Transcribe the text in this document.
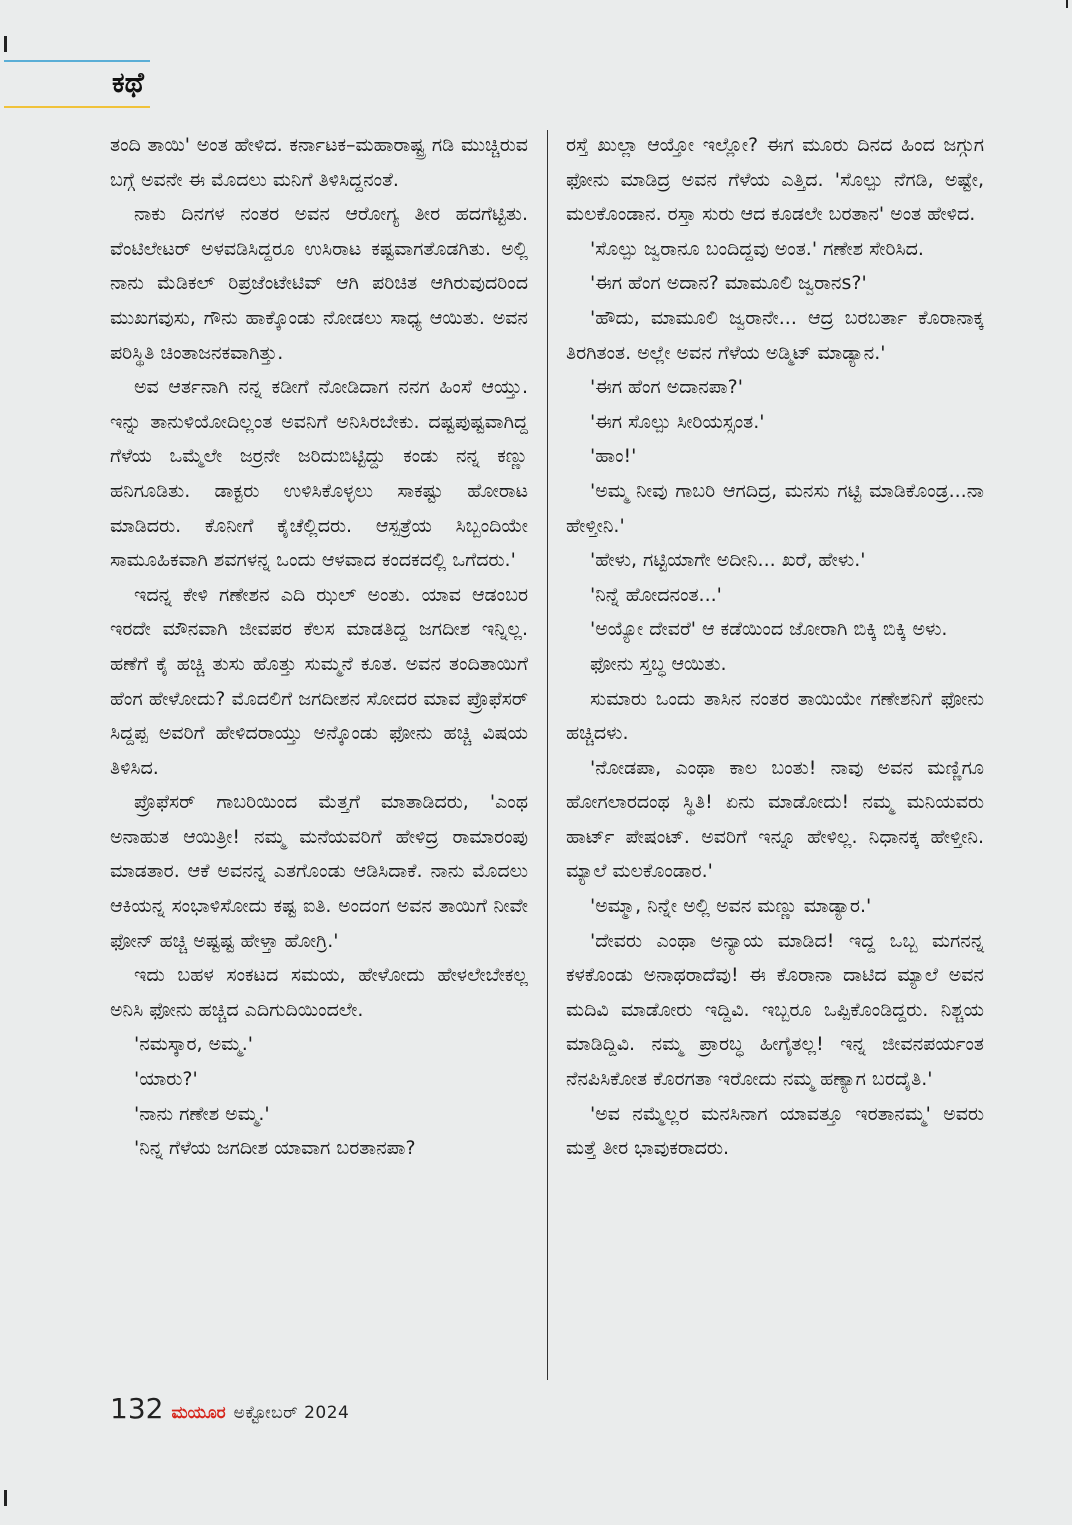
ಕಥೆ

ತಂದಿ ತಾಯಿ' ಅಂತ ಹೇಳಿದ. ಕರ್ನಾಟಕ–ಮಹಾರಾಷ್ಟ್ರ ಗಡಿ ಮುಚ್ಚಿರುವ ಬಗ್ಗೆ ಅವನೇ ಈ ಮೊದಲು ಮನಿಗೆ ತಿಳಿಸಿದ್ದನಂತೆ.

ನಾಕು ದಿನಗಳ ನಂತರ ಅವನ ಆರೋಗ್ಯ ತೀರ ಹದಗೆಟ್ಟಿತು. ವೆಂಟಿಲೇಟರ್ ಅಳವಡಿಸಿದ್ದರೂ ಉಸಿರಾಟ ಕಷ್ಟವಾಗತೊಡಗಿತು. ಅಲ್ಲಿ ನಾನು ಮೆಡಿಕಲ್ ರಿಪ್ರಜೆಂಟೇಟಿವ್ ಆಗಿ ಪರಿಚಿತ ಆಗಿರುವುದರಿಂದ ಮುಖಗವುಸು, ಗೌನು ಹಾಕ್ಕೊಂಡು ನೋಡಲು ಸಾಧ್ಯ ಆಯಿತು. ಅವನ ಪರಿಸ್ಥಿತಿ ಚಿಂತಾಜನಕವಾಗಿತ್ತು.

ಅವ ಆರ್ತನಾಗಿ ನನ್ನ ಕಡೀಗೆ ನೋಡಿದಾಗ ನನಗ ಹಿಂಸೆ ಆಯ್ತು. ಇನ್ನು ತಾನುಳಿಯೋದಿಲ್ಲಂತ ಅವನಿಗೆ ಅನಿಸಿರಬೇಕು. ದಷ್ಟಪುಷ್ಟವಾಗಿದ್ದ ಗೆಳೆಯ ಒಮ್ಮೆಲೇ ಜರ್ರನೇ ಜರಿದುಬಿಟ್ಟಿದ್ದು ಕಂಡು ನನ್ನ ಕಣ್ಣು ಹನಿಗೂಡಿತು. ಡಾಕ್ಟರು ಉಳಿಸಿಕೊಳ್ಳಲು ಸಾಕಷ್ಟು ಹೋರಾಟ ಮಾಡಿದರು. ಕೊನೀಗೆ ಕೈಚೆಲ್ಲಿದರು. ಆಸ್ಪತ್ರೆಯ ಸಿಬ್ಬಂದಿಯೇ ಸಾಮೂಹಿಕವಾಗಿ ಶವಗಳನ್ನ ಒಂದು ಆಳವಾದ ಕಂದಕದಲ್ಲಿ ಒಗೆದರು.'

ಇದನ್ನ ಕೇಳಿ ಗಣೇಶನ ಎದಿ ಝಲ್ ಅಂತು. ಯಾವ ಆಡಂಬರ ಇರದೇ ಮೌನವಾಗಿ ಜೀವಪರ ಕೆಲಸ ಮಾಡತಿದ್ದ ಜಗದೀಶ ಇನ್ನಿಲ್ಲ. ಹಣೆಗೆ ಕೈ ಹಚ್ಚಿ ತುಸು ಹೊತ್ತು ಸುಮ್ಮನೆ ಕೂತ. ಅವನ ತಂದಿತಾಯಿಗೆ ಹೆಂಗ ಹೇಳೋದು? ಮೊದಲಿಗೆ ಜಗದೀಶನ ಸೋದರ ಮಾವ ಪ್ರೊಫೆಸರ್ ಸಿದ್ದಪ್ಪ ಅವರಿಗೆ ಹೇಳಿದರಾಯ್ತು ಅನ್ಕೊಂಡು ಫೋನು ಹಚ್ಚಿ ವಿಷಯ ತಿಳಿಸಿದ.

ಪ್ರೊಫೆಸರ್ ಗಾಬರಿಯಿಂದ ಮೆತ್ತಗೆ ಮಾತಾಡಿದರು, 'ಎಂಥ ಅನಾಹುತ ಆಯಿತ್ರೀ! ನಮ್ಮ ಮನೆಯವರಿಗೆ ಹೇಳಿದ್ರ ರಾಮಾರಂಪು ಮಾಡತಾರ. ಆಕೆ ಅವನನ್ನ ಎತಗೊಂಡು ಆಡಿಸಿದಾಕೆ. ನಾನು ಮೊದಲು ಆಕಿಯನ್ನ ಸಂಭಾಳಿಸೋದು ಕಷ್ಟ ಐತಿ. ಅಂದಂಗ ಅವನ ತಾಯಿಗೆ ನೀವೇ ಫೋನ್ ಹಚ್ಚಿ ಅಷ್ಟಷ್ಟ ಹೇಳ್ತಾ ಹೋಗ್ರಿ.'

ಇದು ಬಹಳ ಸಂಕಟದ ಸಮಯ, ಹೇಳೋದು ಹೇಳಲೇಬೇಕಲ್ಲ ಅನಿಸಿ ಫೋನು ಹಚ್ಚಿದ ಎದಿಗುದಿಯಿಂದಲೇ.

'ನಮಸ್ಕಾರ, ಅಮ್ಮ.'

'ಯಾರು?'

'ನಾನು ಗಣೇಶ ಅಮ್ಮ.'

'ನಿನ್ನ ಗೆಳೆಯ ಜಗದೀಶ ಯಾವಾಗ ಬರತಾನಪಾ?

ರಸ್ತೆ ಖುಲ್ಲಾ ಆಯ್ತೋ ಇಲ್ಲೋ? ಈಗ ಮೂರು ದಿನದ ಹಿಂದ ಜಗ್ಗುಗ ಫೋನು ಮಾಡಿದ್ರ ಅವನ ಗೆಳೆಯ ಎತ್ತಿದ. 'ಸೊಲ್ಪು ನೆಗಡಿ, ಅಷ್ಟೇ, ಮಲಕೊಂಡಾನ. ರಸ್ತಾ ಸುರು ಆದ ಕೂಡಲೇ ಬರತಾನ' ಅಂತ ಹೇಳಿದ.

'ಸೊಲ್ಪು ಜ್ವರಾನೂ ಬಂದಿದ್ದವು ಅಂತ.' ಗಣೇಶ ಸೇರಿಸಿದ.

'ಈಗ ಹೆಂಗ ಅದಾನ? ಮಾಮೂಲಿ ಜ್ವರಾನs?'

'ಹೌದು, ಮಾಮೂಲಿ ಜ್ವರಾನೇ... ಆದ್ರ ಬರಬರ್ತಾ ಕೊರಾನಾಕ್ಕ ತಿರಗಿತಂತ. ಅಲ್ಲೇ ಅವನ ಗೆಳೆಯ ಅಡ್ಮಿಟ್ ಮಾಡ್ಯಾನ.'

'ಈಗ ಹೆಂಗ ಅದಾನಪಾ?'

'ಈಗ ಸೊಲ್ಪು ಸೀರಿಯಸ್ಸಂತ.'

'ಹಾಂ!'

'ಅಮ್ಮ ನೀವು ಗಾಬರಿ ಆಗದಿದ್ರ, ಮನಸು ಗಟ್ಟಿ ಮಾಡಿಕೊಂಡ್ರ...ನಾ ಹೇಳ್ತೀನಿ.'

'ಹೇಳು, ಗಟ್ಟಿಯಾಗೇ ಅದೀನಿ... ಖರೆ, ಹೇಳು.'

'ನಿನ್ನೆ ಹೋದನಂತ...'

'ಅಯ್ಯೋ ದೇವರೆ' ಆ ಕಡೆಯಿಂದ ಜೋರಾಗಿ ಬಿಕ್ಕಿ ಬಿಕ್ಕಿ ಅಳು.

ಫೋನು ಸ್ತಬ್ಧ ಆಯಿತು.

ಸುಮಾರು ಒಂದು ತಾಸಿನ ನಂತರ ತಾಯಿಯೇ ಗಣೇಶನಿಗೆ ಫೋನು ಹಚ್ಚಿದಳು.

'ನೋಡಪಾ, ಎಂಥಾ ಕಾಲ ಬಂತು! ನಾವು ಅವನ ಮಣ್ಣಿಗೂ ಹೋಗಲಾರದಂಥ ಸ್ಥಿತಿ! ಏನು ಮಾಡೋದು! ನಮ್ಮ ಮನಿಯವರು ಹಾರ್ಟ್ ಪೇಷಂಟ್. ಅವರಿಗೆ ಇನ್ನೂ ಹೇಳಿಲ್ಲ. ನಿಧಾನಕ್ಕ ಹೇಳ್ತೀನಿ. ಮ್ಯಾಲೆ ಮಲಕೊಂಡಾರ.'

'ಅಮ್ಮಾ, ನಿನ್ನೇ ಅಲ್ಲಿ ಅವನ ಮಣ್ಣು ಮಾಡ್ಯಾರ.'

'ದೇವರು ಎಂಥಾ ಅನ್ಯಾಯ ಮಾಡಿದ! ಇದ್ದ ಒಬ್ಬ ಮಗನನ್ನ ಕಳಕೊಂಡು ಅನಾಥರಾದೆವು! ಈ ಕೊರಾನಾ ದಾಟಿದ ಮ್ಯಾಲೆ ಅವನ ಮದಿವಿ ಮಾಡೋರು ಇದ್ದಿವಿ. ಇಬ್ಬರೂ ಒಪ್ಪಿಕೊಂಡಿದ್ದರು. ನಿಶ್ಚಯ ಮಾಡಿದ್ದಿವಿ. ನಮ್ಮ ಪ್ರಾರಬ್ಧ ಹೀಗೈತಲ್ಲ! ಇನ್ನ ಜೀವನಪರ್ಯಂತ ನೆನಪಿಸಿಕೋತ ಕೊರಗತಾ ಇರೋದು ನಮ್ಮ ಹಣ್ಯಾಗ ಬರದೈತಿ.'

'ಅವ ನಮ್ಮೆಲ್ಲರ ಮನಸಿನಾಗ ಯಾವತ್ತೂ ಇರತಾನಮ್ಮ' ಅವರು ಮತ್ತೆ ತೀರ ಭಾವುಕರಾದರು.

132 ಮಯೂರ ಅಕ್ಟೋಬರ್ 2024
